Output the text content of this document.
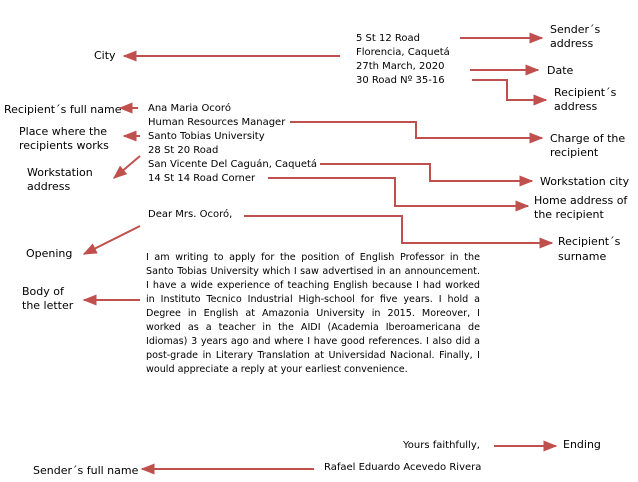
5 St 12 Road
Florencia, Caquetá
27th March, 2020
30 Road Nº 35-16
Ana Maria Ocoró
Human Resources Manager
Santo Tobias University
28 St 20 Road
San Vicente Del Caguán, Caquetá
14 St 14 Road Corner
Dear Mrs. Ocoró,
I am writing to apply for the position of English Professor in the Santo Tobias University which I saw advertised in an announcement. I have a wide experience of teaching English because I had worked in Instituto Tecnico Industrial High-school for five years. I hold a Degree in English at Amazonia University in 2015. Moreover, I worked as a teacher in the AIDI (Academia Iberoamericana de Idiomas) 3 years ago and where I have good references. I also did a post-grade in Literary Translation at Universidad Nacional. Finally, I would appreciate a reply at your earliest convenience.
Yours faithfully,
Rafael Eduardo Acevedo Rivera
Sender´s
address
City
Date
Recipient´s
address
Recipient´s full name
Place where the
recipients works
Charge of the
recipient
Workstation
address	Workstation city
Home address of
the recipient
Recipient´s
surname
Opening
Body of
the letter
Ending
Sender´s full name
